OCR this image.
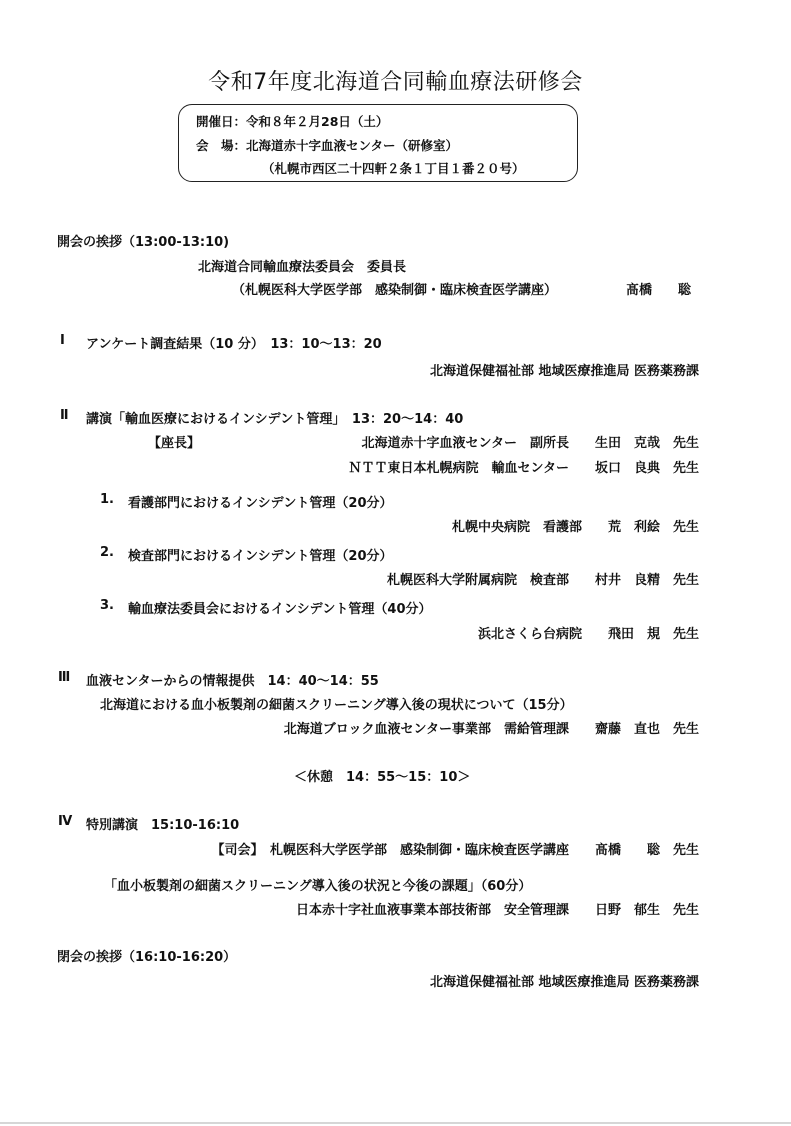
令和7年度北海道合同輸血療法研修会
開催日：令和８年２月28日（土）
会　場：北海道赤十字血液センター（研修室）
（札幌市西区二十四軒２条１丁目１番２０号）
開会の挨拶（13:00-13:10)
北海道合同輸血療法委員会　委員長
（札幌医科大学医学部　感染制御・臨床検査医学講座）	髙橋　　聡
Ⅰ アンケート調査結果（10 分）　13：10～13：20
北海道保健福祉部 地域医療推進局 医務薬務課
Ⅱ 講演「輸血医療におけるインシデント管理」　13：20～14：40
【座長】	北海道赤十字血液センター　副所長　　生田　克哉　先生
ＮＴＴ東日本札幌病院　輸血センター　　坂口　良典　先生
1. 看護部門におけるインシデント管理（20分）
札幌中央病院　看護部　　荒　利絵　先生
2. 検査部門におけるインシデント管理（20分）
札幌医科大学附属病院　検査部　　村井　良精　先生
3. 輸血療法委員会におけるインシデント管理（40分）
浜北さくら台病院　　飛田　規　先生
Ⅲ 血液センターからの情報提供　14：40～14：55
北海道における血小板製剤の細菌スクリーニング導入後の現状について（15分）
北海道ブロック血液センター事業部　需給管理課　　齋藤　直也　先生
＜休憩　14：55～15：10＞
Ⅳ 特別講演　15:10-16:10
【司会】　札幌医科大学医学部　感染制御・臨床検査医学講座　　髙橋　　聡　先生
「血小板製剤の細菌スクリーニング導入後の状況と今後の課題」（60分）
日本赤十字社血液事業本部技術部　安全管理課　　日野　郁生　先生
閉会の挨拶（16:10-16:20）
北海道保健福祉部 地域医療推進局 医務薬務課
